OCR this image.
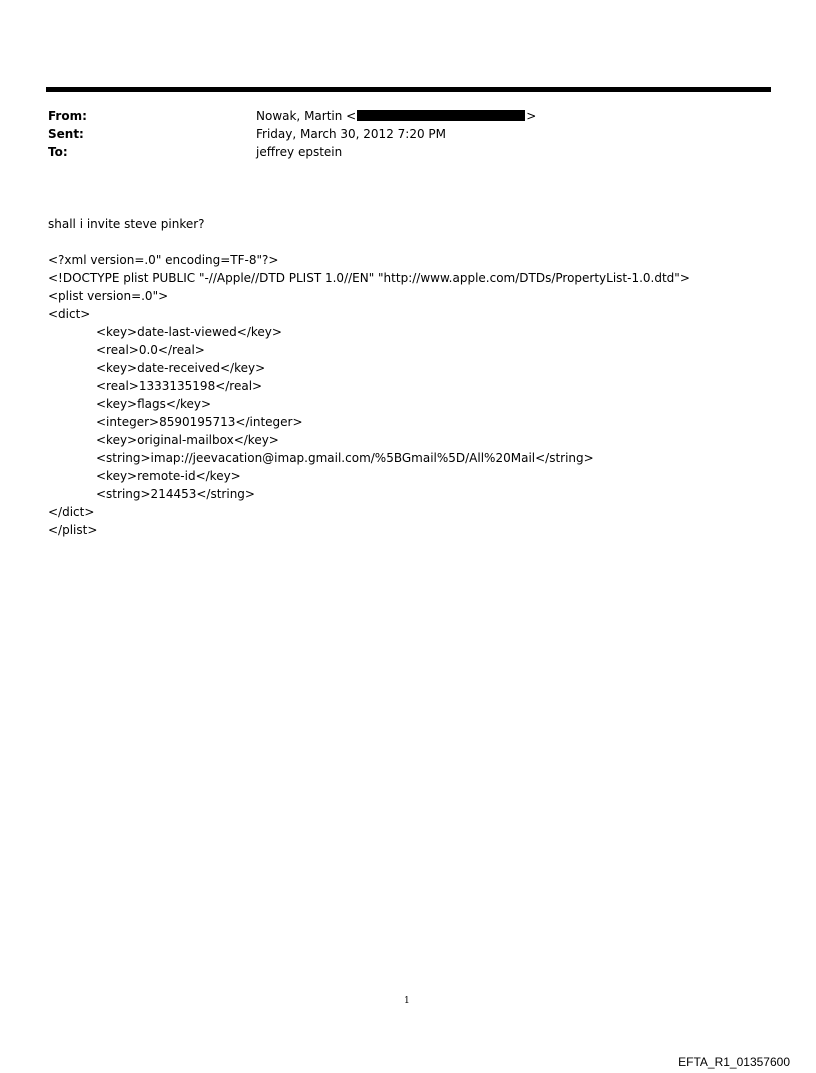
From:	Nowak, Martin <	>
Sent:	Friday, March 30, 2012 7:20 PM
To:	jeffrey epstein
shall i invite steve pinker?
<?xml version=.0" encoding=TF-8"?>
<!DOCTYPE plist PUBLIC "-//Apple//DTD PLIST 1.0//EN" "http://www.apple.com/DTDs/PropertyList-1.0.dtd">
<plist version=.0">
<dict>
<key>date-last-viewed</key>
<real>0.0</real>
<key>date-received</key>
<real>1333135198</real>
<key>flags</key>
<integer>8590195713</integer>
<key>original-mailbox</key>
<string>imap://jeevacation@imap.gmail.com/%5BGmail%5D/All%20Mail</string>
<key>remote-id</key>
<string>214453</string>
</dict>
</plist>
1
EFTA_R1_01357600
